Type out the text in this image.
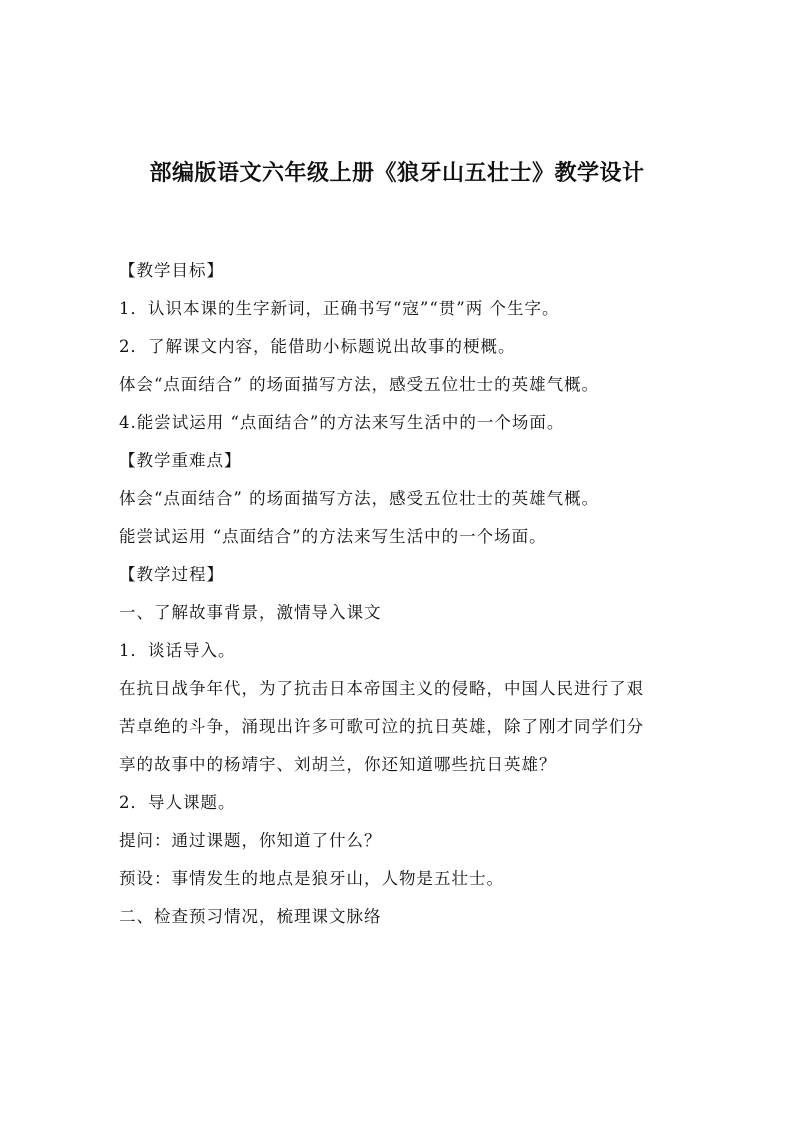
部编版语文六年级上册《狼牙山五壮士》教学设计

【教学目标】

1．认识本课的生字新词，正确书写“寇”“贯”两 个生字。

2．了解课文内容，能借助小标题说出故事的梗概。

体会“点面结合” 的场面描写方法，感受五位壮士的英雄气概。

4.能尝试运用 “点面结合”的方法来写生活中的一个场面。

【教学重难点】

体会“点面结合” 的场面描写方法，感受五位壮士的英雄气概。

能尝试运用 “点面结合”的方法来写生活中的一个场面。

【教学过程】

一、了解故事背景，激情导入课文

1．谈话导入。

在抗日战争年代，为了抗击日本帝国主义的侵略，中国人民进行了艰

苦卓绝的斗争，涌现出许多可歌可泣的抗日英雄，除了刚才同学们分

享的故事中的杨靖宇、刘胡兰，你还知道哪些抗日英雄？

2．导人课题。

提问：通过课题，你知道了什么？

预设：事情发生的地点是狼牙山，人物是五壮士。

二、检查预习情况，梳理课文脉络
